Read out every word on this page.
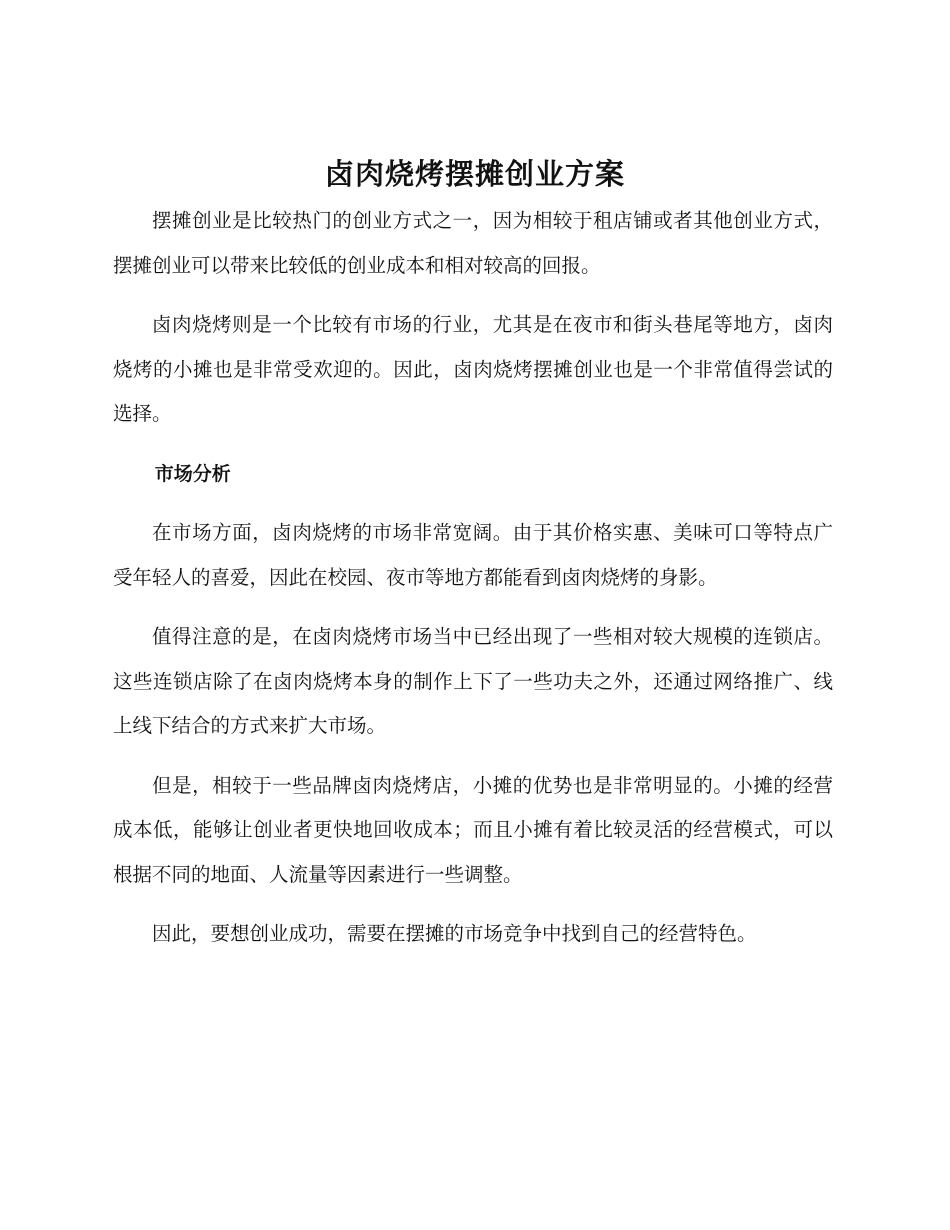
卤肉烧烤摆摊创业方案

摆摊创业是比较热门的创业方式之一，因为相较于租店铺或者其他创业方式，摆摊创业可以带来比较低的创业成本和相对较高的回报。

卤肉烧烤则是一个比较有市场的行业，尤其是在夜市和街头巷尾等地方，卤肉烧烤的小摊也是非常受欢迎的。因此，卤肉烧烤摆摊创业也是一个非常值得尝试的选择。

市场分析

在市场方面，卤肉烧烤的市场非常宽阔。由于其价格实惠、美味可口等特点广受年轻人的喜爱，因此在校园、夜市等地方都能看到卤肉烧烤的身影。

值得注意的是，在卤肉烧烤市场当中已经出现了一些相对较大规模的连锁店。这些连锁店除了在卤肉烧烤本身的制作上下了一些功夫之外，还通过网络推广、线上线下结合的方式来扩大市场。

但是，相较于一些品牌卤肉烧烤店，小摊的优势也是非常明显的。小摊的经营成本低，能够让创业者更快地回收成本；而且小摊有着比较灵活的经营模式，可以根据不同的地面、人流量等因素进行一些调整。

因此，要想创业成功，需要在摆摊的市场竞争中找到自己的经营特色。
